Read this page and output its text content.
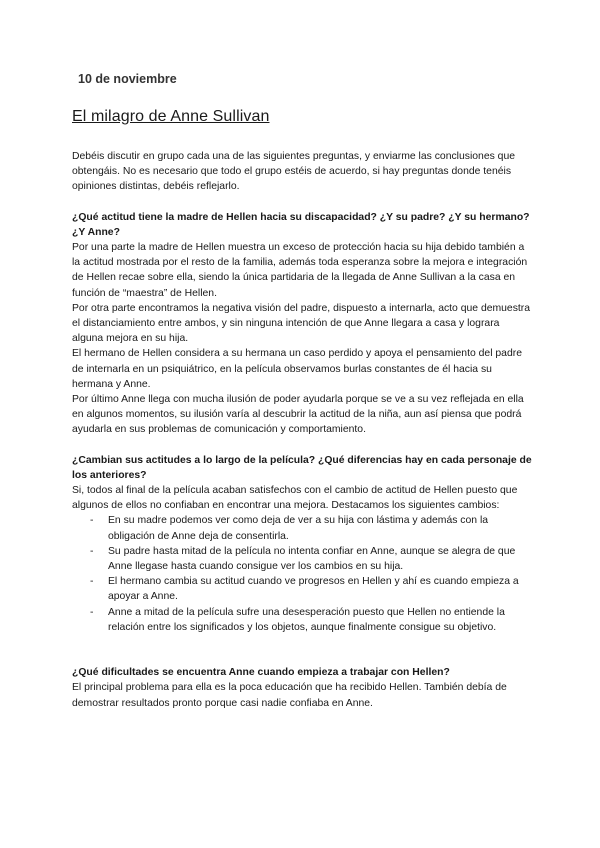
10 de noviembre

El milagro de Anne Sullivan

Debéis discutir en grupo cada una de las siguientes preguntas, y enviarme las conclusiones que obtengáis. No es necesario que todo el grupo estéis de acuerdo, si hay preguntas donde tenéis opiniones distintas, debéis reflejarlo.

¿Qué actitud tiene la madre de Hellen hacia su discapacidad? ¿Y su padre? ¿Y su hermano?¿Y Anne?

Por una parte la madre de Hellen muestra un exceso de protección hacia su hija debido también a la actitud mostrada por el resto de la familia, además toda esperanza sobre la mejora e integración de Hellen recae sobre ella, siendo la única partidaria de la llegada de Anne Sullivan a la casa en función de “maestra” de Hellen.

Por otra parte encontramos la negativa visión del padre, dispuesto a internarla, acto que demuestra el distanciamiento entre ambos, y sin ninguna intención de que Anne llegara a casa y lograra alguna mejora en su hija.

El hermano de Hellen considera a su hermana un caso perdido y apoya el pensamiento del padre de internarla en un psiquiátrico, en la película observamos burlas constantes de él hacia su hermana y Anne.

Por último Anne llega con mucha ilusión de poder ayudarla porque se ve a su vez reflejada en ella en algunos momentos, su ilusión varía al descubrir la actitud de la niña, aun así piensa que podrá ayudarla en sus problemas de comunicación y comportamiento.

¿Cambian sus actitudes a lo largo de la película? ¿Qué diferencias hay en cada personaje de los anteriores?

Si, todos al final de la película acaban satisfechos con el cambio de actitud de Hellen puesto que algunos de ellos no confiaban en encontrar una mejora. Destacamos los siguientes cambios:

- En su madre podemos ver como deja de ver a su hija con lástima y además con la obligación de Anne deja de consentirla.
- Su padre hasta mitad de la película no intenta confiar en Anne, aunque se alegra de que Anne llegase hasta cuando consigue ver los cambios en su hija.
- El hermano cambia su actitud cuando ve progresos en Hellen y ahí es cuando empieza a apoyar a Anne.
- Anne a mitad de la película sufre una desesperación puesto que Hellen no entiende la relación entre los significados y los objetos, aunque finalmente consigue su objetivo.

¿Qué dificultades se encuentra Anne cuando empieza a trabajar con Hellen?

El principal problema para ella es la poca educación que ha recibido Hellen. También debía de demostrar resultados pronto porque casi nadie confiaba en Anne.
